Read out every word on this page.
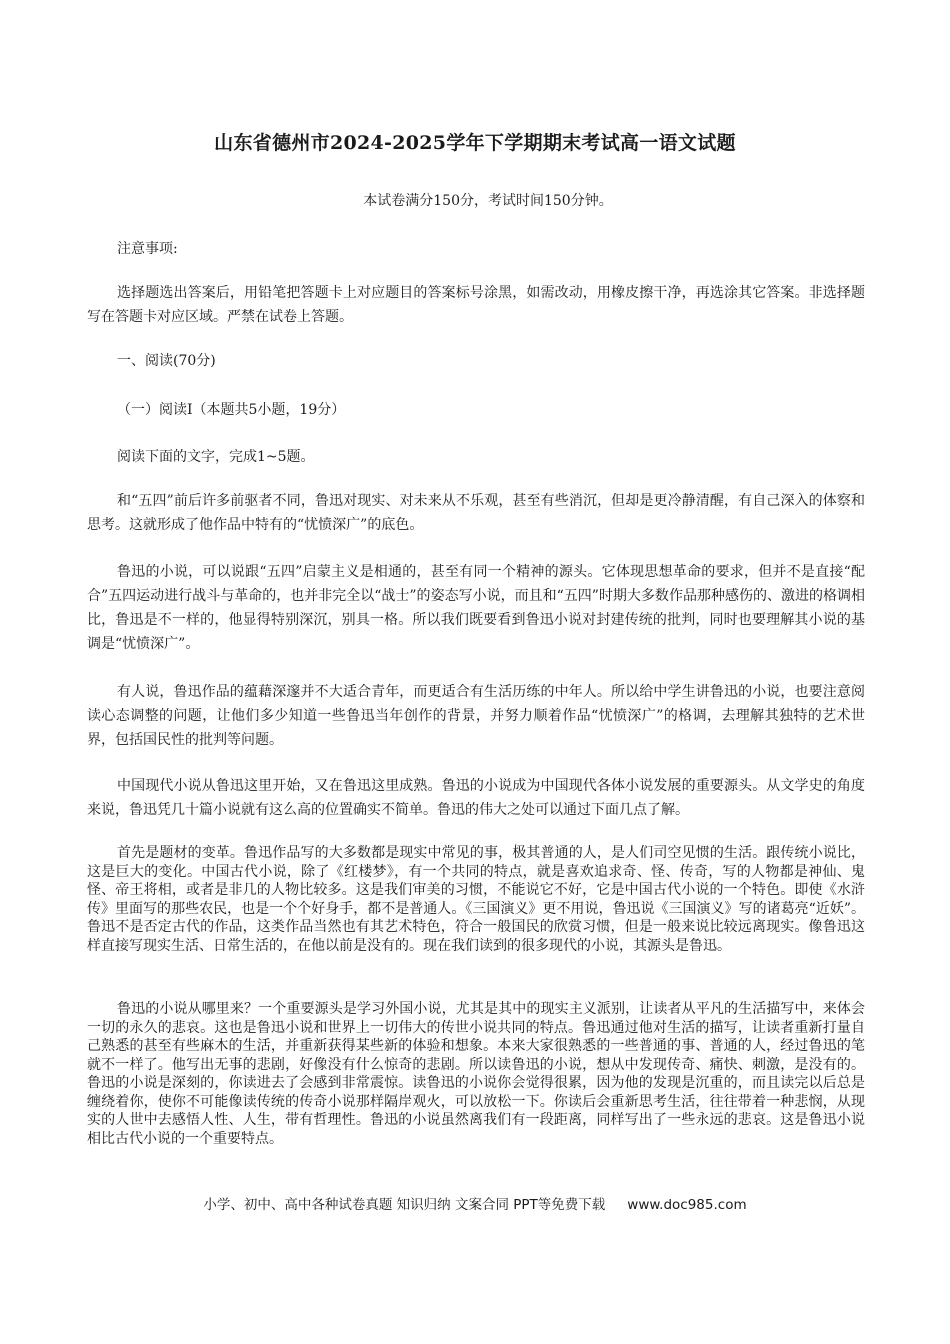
山东省德州市2024-2025学年下学期期末考试高一语文试题
本试卷满分150分，考试时间150分钟。
注意事项:
选择题选出答案后，用铅笔把答题卡上对应题目的答案标号涂黑，如需改动，用橡皮擦干净，再选涂其它答案。非选择题写在答题卡对应区域。严禁在试卷上答题。
一、阅读(70分)
（一）阅读Ⅰ（本题共5小题，19分）
阅读下面的文字，完成1~5题。
和“五四”前后许多前驱者不同，鲁迅对现实、对未来从不乐观，甚至有些消沉，但却是更冷静清醒，有自己深入的体察和思考。这就形成了他作品中特有的“忧愤深广”的底色。
鲁迅的小说，可以说跟“五四”启蒙主义是相通的，甚至有同一个精神的源头。它体现思想革命的要求，但并不是直接“配合”五四运动进行战斗与革命的，也并非完全以“战士”的姿态写小说，而且和“五四”时期大多数作品那种感伤的、激进的格调相比，鲁迅是不一样的，他显得特别深沉，别具一格。所以我们既要看到鲁迅小说对封建传统的批判，同时也要理解其小说的基调是“忧愤深广”。
有人说，鲁迅作品的蕴藉深邃并不大适合青年，而更适合有生活历练的中年人。所以给中学生讲鲁迅的小说，也要注意阅读心态调整的问题，让他们多少知道一些鲁迅当年创作的背景，并努力顺着作品“忧愤深广”的格调，去理解其独特的艺术世界，包括国民性的批判等问题。
中国现代小说从鲁迅这里开始，又在鲁迅这里成熟。鲁迅的小说成为中国现代各体小说发展的重要源头。从文学史的角度来说，鲁迅凭几十篇小说就有这么高的位置确实不简单。鲁迅的伟大之处可以通过下面几点了解。
首先是题材的变革。鲁迅作品写的大多数都是现实中常见的事，极其普通的人，是人们司空见惯的生活。跟传统小说比，这是巨大的变化。中国古代小说，除了《红楼梦》，有一个共同的特点，就是喜欢追求奇、怪、传奇，写的人物都是神仙、鬼怪、帝王将相，或者是非几的人物比较多。这是我们审美的习惯，不能说它不好，它是中国古代小说的一个特色。即使《水浒传》里面写的那些农民，也是一个个好身手，都不是普通人。《三国演义》更不用说，鲁迅说《三国演义》写的诸葛亮“近妖”。鲁迅不是否定古代的作品，这类作品当然也有其艺术特色，符合一般国民的欣赏习惯，但是一般来说比较远离现实。像鲁迅这样直接写现实生活、日常生活的，在他以前是没有的。现在我们读到的很多现代的小说，其源头是鲁迅。
鲁迅的小说从哪里来？一个重要源头是学习外国小说，尤其是其中的现实主义派别，让读者从平凡的生活描写中，来体会一切的永久的悲哀。这也是鲁迅小说和世界上一切伟大的传世小说共同的特点。鲁迅通过他对生活的描写，让读者重新打量自己熟悉的甚至有些麻木的生活，并重新获得某些新的体验和想象。本来大家很熟悉的一些普通的事、普通的人，经过鲁迅的笔就不一样了。他写出无事的悲剧，好像没有什么惊奇的悲剧。所以读鲁迅的小说，想从中发现传奇、痛快、刺激，是没有的。鲁迅的小说是深刻的，你读进去了会感到非常震惊。读鲁迅的小说你会觉得很累，因为他的发现是沉重的，而且读完以后总是缠绕着你，使你不可能像读传统的传奇小说那样隔岸观火，可以放松一下。你读后会重新思考生活，往往带着一种悲悯，从现实的人世中去感悟人性、人生，带有哲理性。鲁迅的小说虽然离我们有一段距离，同样写出了一些永远的悲哀。这是鲁迅小说相比古代小说的一个重要特点。
小学、初中、高中各种试卷真题 知识归纳 文案合同 PPT等免费下载 www.doc985.com
